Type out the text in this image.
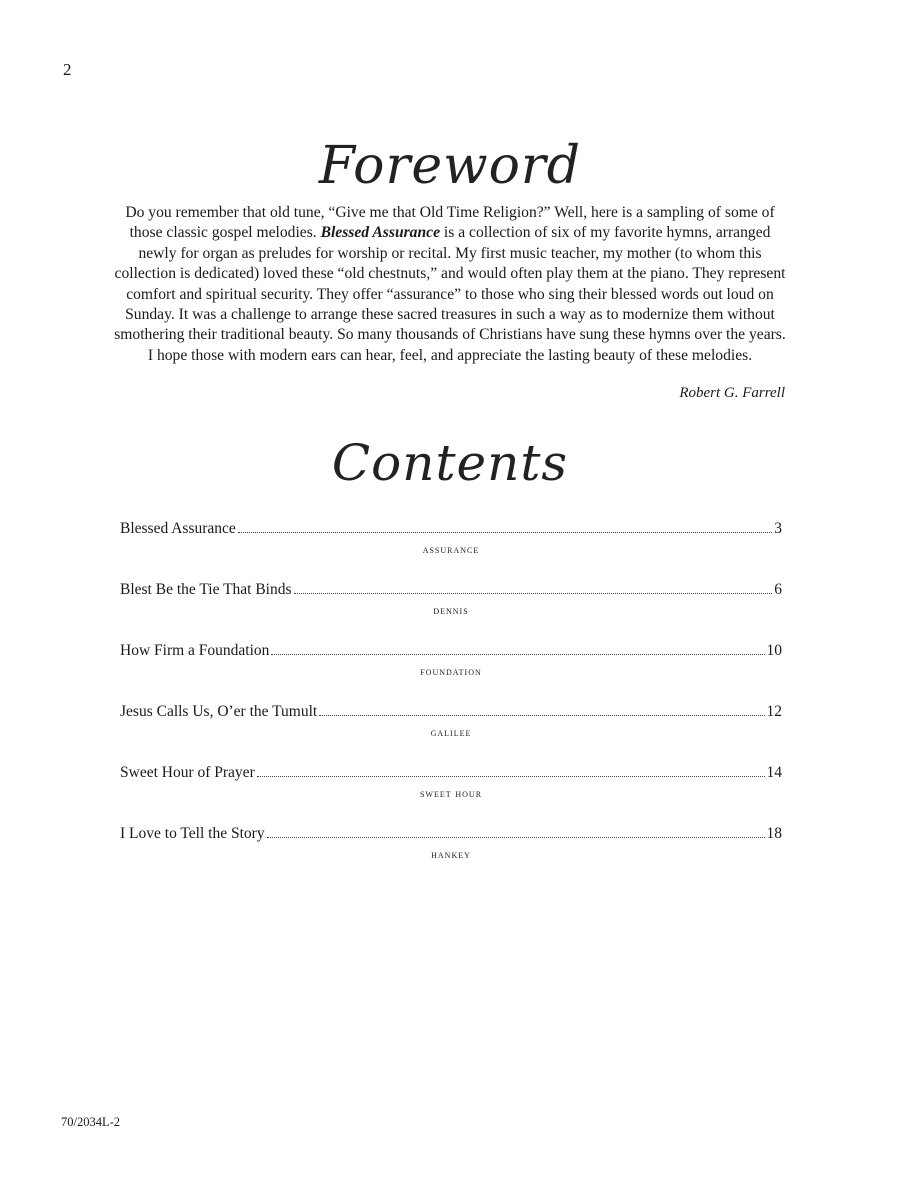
2
Foreword

Do you remember that old tune, “Give me that Old Time Religion?” Well, here is a sampling of some of those classic gospel melodies. Blessed Assurance is a collection of six of my favorite hymns, arranged newly for organ as preludes for worship or recital. My first music teacher, my mother (to whom this collection is dedicated) loved these “old chestnuts,” and would often play them at the piano. They represent comfort and spiritual security. They offer “assurance” to those who sing their blessed words out loud on Sunday. It was a challenge to arrange these sacred treasures in such a way as to modernize them without smothering their traditional beauty. So many thousands of Christians have sung these hymns over the years. I hope those with modern ears can hear, feel, and appreciate the lasting beauty of these melodies.

Robert G. Farrell
Contents
Blessed Assurance	3
assurance
Blest Be the Tie That Binds	6
dennis
How Firm a Foundation	10
foundation
Jesus Calls Us, O’er the Tumult	12
galilee
Sweet Hour of Prayer	14
sweet hour
I Love to Tell the Story	18
hankey
70/2034L-2
